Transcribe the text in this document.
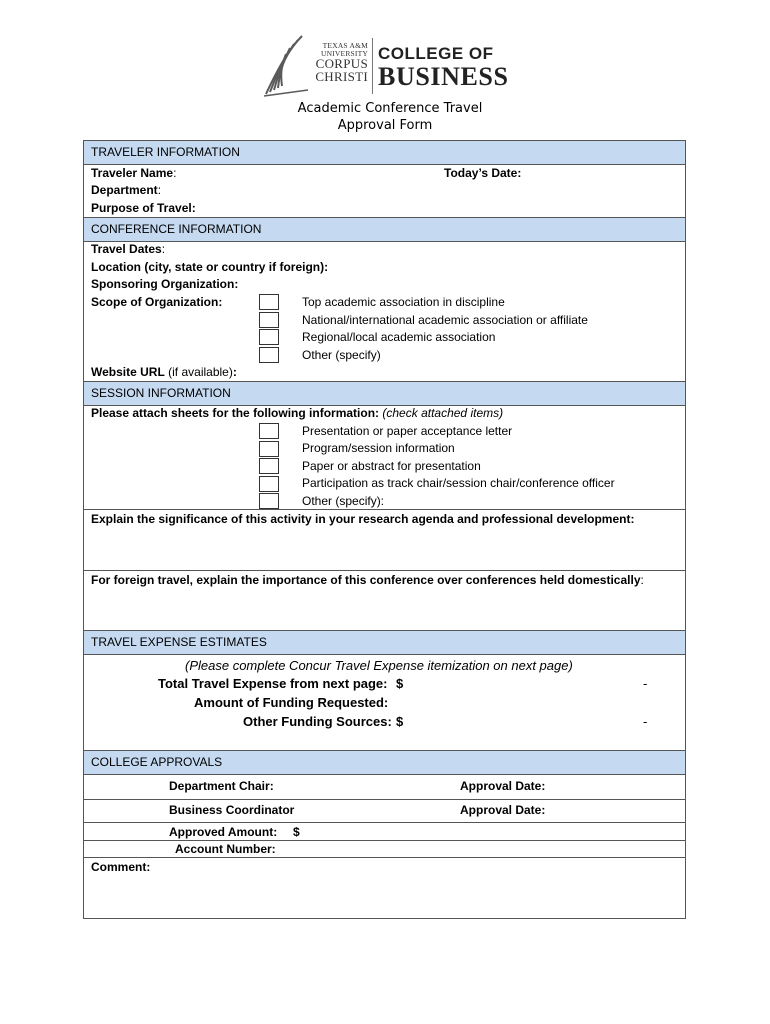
TEXAS A&M
UNIVERSITY
CORPUS
CHRISTI
COLLEGE OF
BUSINESS
Academic Conference Travel
Approval Form
TRAVELER INFORMATION
Traveler Name:	Today’s Date:
Department:
Purpose of Travel:
CONFERENCE INFORMATION
Travel Dates:
Location (city, state or country if foreign):
Sponsoring Organization:
Scope of Organization:	Top academic association in discipline
National/international academic association or affiliate
Regional/local academic association
Other (specify)
Website URL (if available):
SESSION INFORMATION
Please attach sheets for the following information: (check attached items)
Presentation or paper acceptance letter
Program/session information
Paper or abstract for presentation
Participation as track chair/session chair/conference officer
Other (specify):
Explain the significance of this activity in your research agenda and professional development:
For foreign travel, explain the importance of this conference over conferences held domestically:
TRAVEL EXPENSE ESTIMATES
(Please complete Concur Travel Expense itemization on next page)
Total Travel Expense from next page: $	-
Amount of Funding Requested:
Other Funding Sources: $	-
COLLEGE APPROVALS
Department Chair:	Approval Date:
Business Coordinator	Approval Date:
Approved Amount: $
Account Number:
Comment:
